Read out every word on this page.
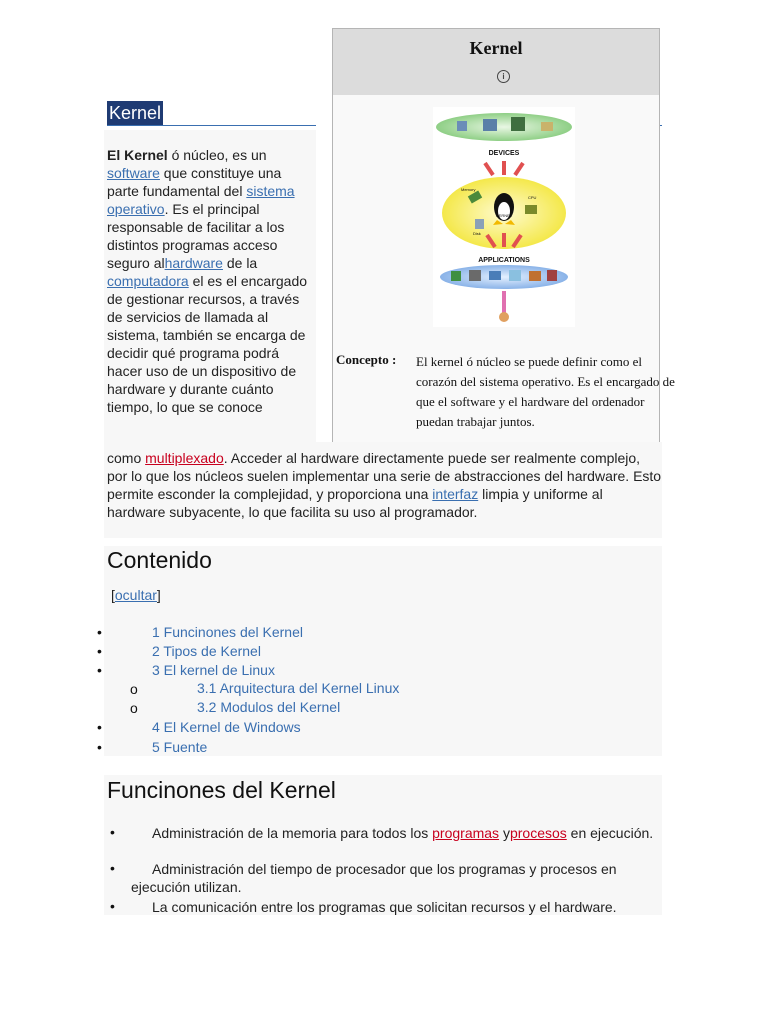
Kernel
i
DEVICES
KERNEL
Memory
CPU
Disk
APPLICATIONS
Concepto :	El kernel ó núcleo se puede definir como el corazón del sistema operativo. Es el encargado de que el software y el hardware del ordenador puedan trabajar juntos.
Kernel
El Kernel ó núcleo, es un software que constituye una parte fundamental del sistema operativo. Es el principal responsable de facilitar a los distintos programas acceso seguro alhardware de la computadora el es el encargado de gestionar recursos, a través de servicios de llamada al sistema, también se encarga de decidir qué programa podrá hacer uso de un dispositivo de hardware y durante cuánto tiempo, lo que se conoce
como multiplexado. Acceder al hardware directamente puede ser realmente complejo, por lo que los núcleos suelen implementar una serie de abstracciones del hardware. Esto permite esconder la complejidad, y proporciona una interfaz limpia y uniforme al hardware subyacente, lo que facilita su uso al programador.
Contenido
[ocultar]
•	1 Funcinones del Kernel
•	2 Tipos de Kernel
•	3 El kernel de Linux
o	3.1 Arquitectura del Kernel Linux
o	3.2 Modulos del Kernel
•	4 El Kernel de Windows
•	5 Fuente
Funcinones del Kernel
•	Administración de la memoria para todos los programas yprocesos en ejecución.
•	Administración del tiempo de procesador que los programas y procesos en ejecución utilizan.
•	La comunicación entre los programas que solicitan recursos y el hardware.
